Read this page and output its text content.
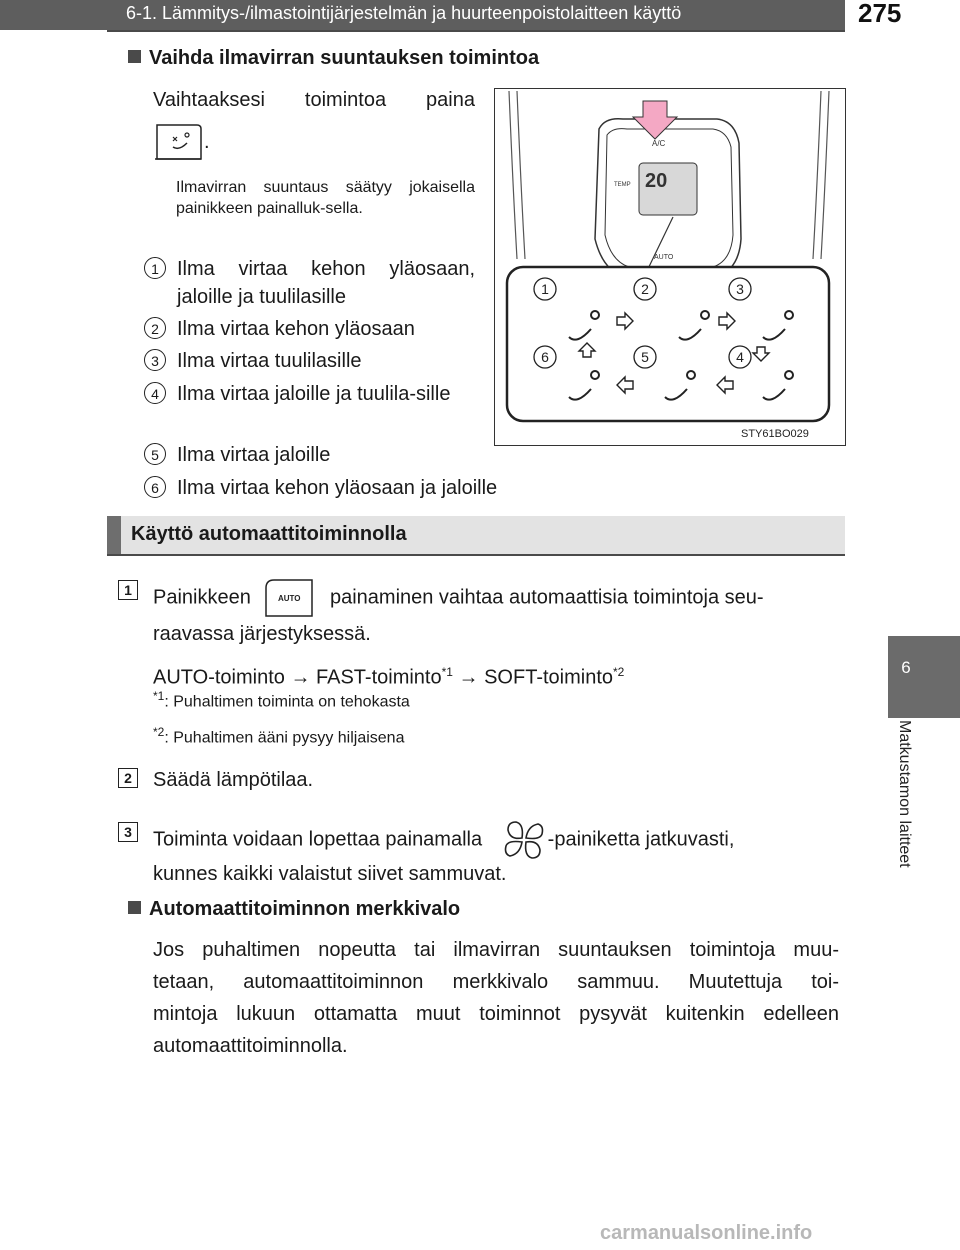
6-1. Lämmitys-/ilmastointijärjestelmän ja huurteenpoistolaitteen käyttö	275
6
Matkustamon laitteet
Vaihda ilmavirran suuntauksen toimintoa
Vaihtaaksesi toimintoa paina
.
Ilmavirran suuntaus säätyy jokaisella painikkeen painalluk-sella.
1 Ilma virtaa kehon yläosaan, jaloille ja tuulilasille
2 Ilma virtaa kehon yläosaan
3 Ilma virtaa tuulilasille
4 Ilma virtaa jaloille ja tuulila-sille
5 Ilma virtaa jaloille
6 Ilma virtaa kehon yläosaan ja jaloille
20
A/C
TEMP
AUTO
1	2	3
6	5	4
STY61BO029
Käyttö automaattitoiminnolla
1	Painikkeen	AUTO painaminen vaihtaa automaattisia toimintoja seu-
raavassa järjestyksessä.
AUTO-toiminto → FAST-toiminto$^{*1}$ → SOFT-toiminto$^{*2}$
$^{*1}$: Puhaltimen toiminta on tehokasta
$^{*2}$: Puhaltimen ääni pysyy hiljaisena
2	Säädä lämpötilaa.
3	Toiminta voidaan lopettaa painamalla	-painiketta jatkuvasti,
kunnes kaikki valaistut siivet sammuvat.
Automaattitoiminnon merkkivalo
Jos puhaltimen nopeutta tai ilmavirran suuntauksen toimintoja muu-
tetaan, automaattitoiminnon merkkivalo sammuu. Muutettuja toi-
mintoja lukuun ottamatta muut toiminnot pysyvät kuitenkin edelleen
automaattitoiminnolla.
carmanualsonline.info
